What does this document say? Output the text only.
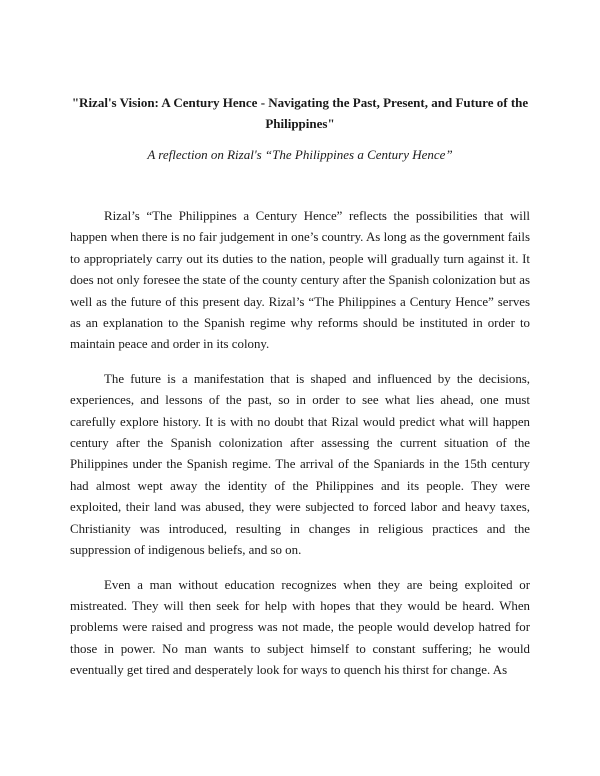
"Rizal's Vision: A Century Hence - Navigating the Past, Present, and Future of the Philippines"

A reflection on Rizal's “The Philippines a Century Hence”

Rizal’s “The Philippines a Century Hence” reflects the possibilities that will happen when there is no fair judgement in one’s country. As long as the government fails to appropriately carry out its duties to the nation, people will gradually turn against it. It does not only foresee the state of the county century after the Spanish colonization but as well as the future of this present day. Rizal’s “The Philippines a Century Hence” serves as an explanation to the Spanish regime why reforms should be instituted in order to maintain peace and order in its colony.

The future is a manifestation that is shaped and influenced by the decisions, experiences, and lessons of the past, so in order to see what lies ahead, one must carefully explore history. It is with no doubt that Rizal would predict what will happen century after the Spanish colonization after assessing the current situation of the Philippines under the Spanish regime. The arrival of the Spaniards in the 15th century had almost wept away the identity of the Philippines and its people. They were exploited, their land was abused, they were subjected to forced labor and heavy taxes, Christianity was introduced, resulting in changes in religious practices and the suppression of indigenous beliefs, and so on.

Even a man without education recognizes when they are being exploited or mistreated. They will then seek for help with hopes that they would be heard. When problems were raised and progress was not made, the people would develop hatred for those in power. No man wants to subject himself to constant suffering; he would eventually get tired and desperately look for ways to quench his thirst for change. As
